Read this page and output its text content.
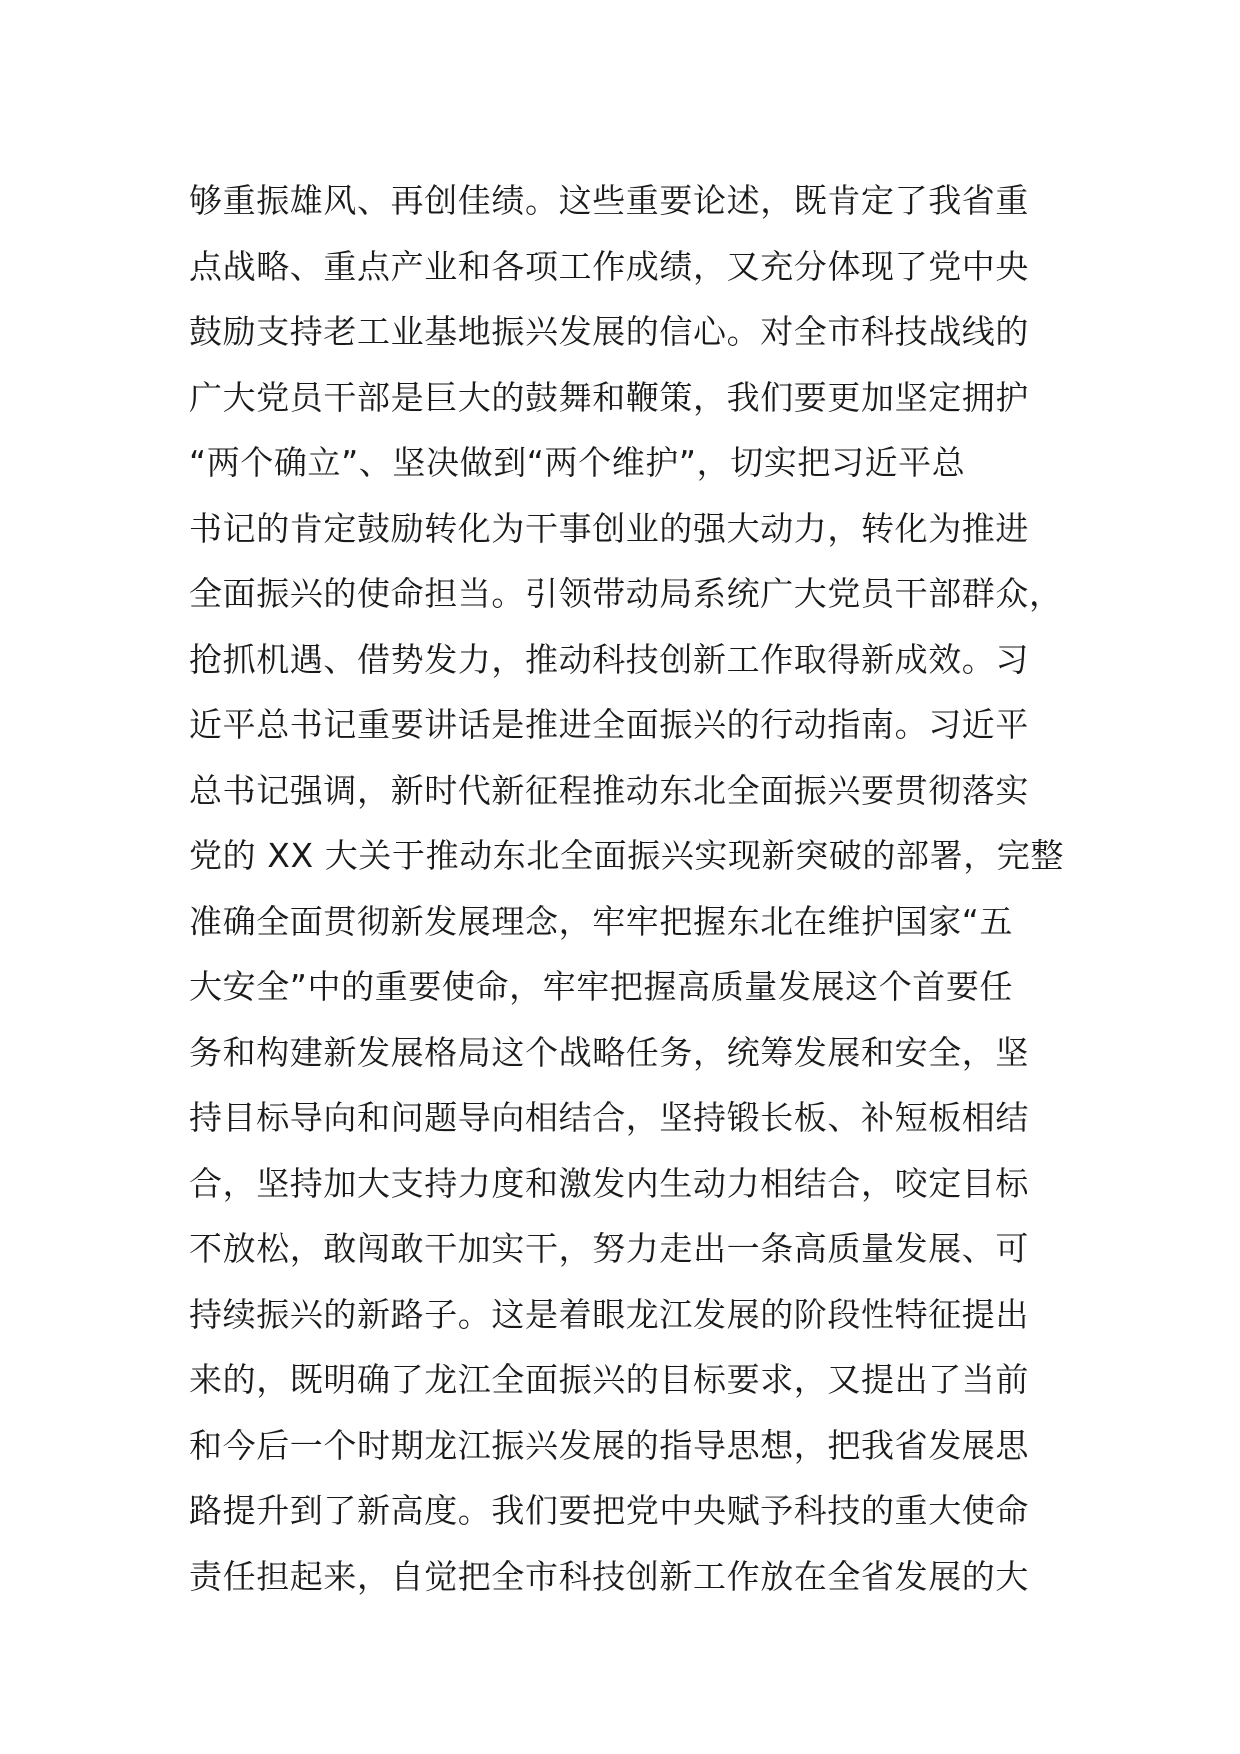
够重振雄风、再创佳绩。这些重要论述，既肯定了我省重
点战略、重点产业和各项工作成绩，又充分体现了党中央
鼓励支持老工业基地振兴发展的信心。对全市科技战线的
广大党员干部是巨大的鼓舞和鞭策，我们要更加坚定拥护
“两个确立”、坚决做到“两个维护”，切实把习近平总
书记的肯定鼓励转化为干事创业的强大动力，转化为推进
全面振兴的使命担当。引领带动局系统广大党员干部群众，
抢抓机遇、借势发力，推动科技创新工作取得新成效。习
近平总书记重要讲话是推进全面振兴的行动指南。习近平
总书记强调，新时代新征程推动东北全面振兴要贯彻落实
党的 XX 大关于推动东北全面振兴实现新突破的部署，完整
准确全面贯彻新发展理念，牢牢把握东北在维护国家“五
大安全”中的重要使命，牢牢把握高质量发展这个首要任
务和构建新发展格局这个战略任务，统筹发展和安全，坚
持目标导向和问题导向相结合，坚持锻长板、补短板相结
合，坚持加大支持力度和激发内生动力相结合，咬定目标
不放松，敢闯敢干加实干，努力走出一条高质量发展、可
持续振兴的新路子。这是着眼龙江发展的阶段性特征提出
来的，既明确了龙江全面振兴的目标要求，又提出了当前
和今后一个时期龙江振兴发展的指导思想，把我省发展思
路提升到了新高度。我们要把党中央赋予科技的重大使命
责任担起来，自觉把全市科技创新工作放在全省发展的大
